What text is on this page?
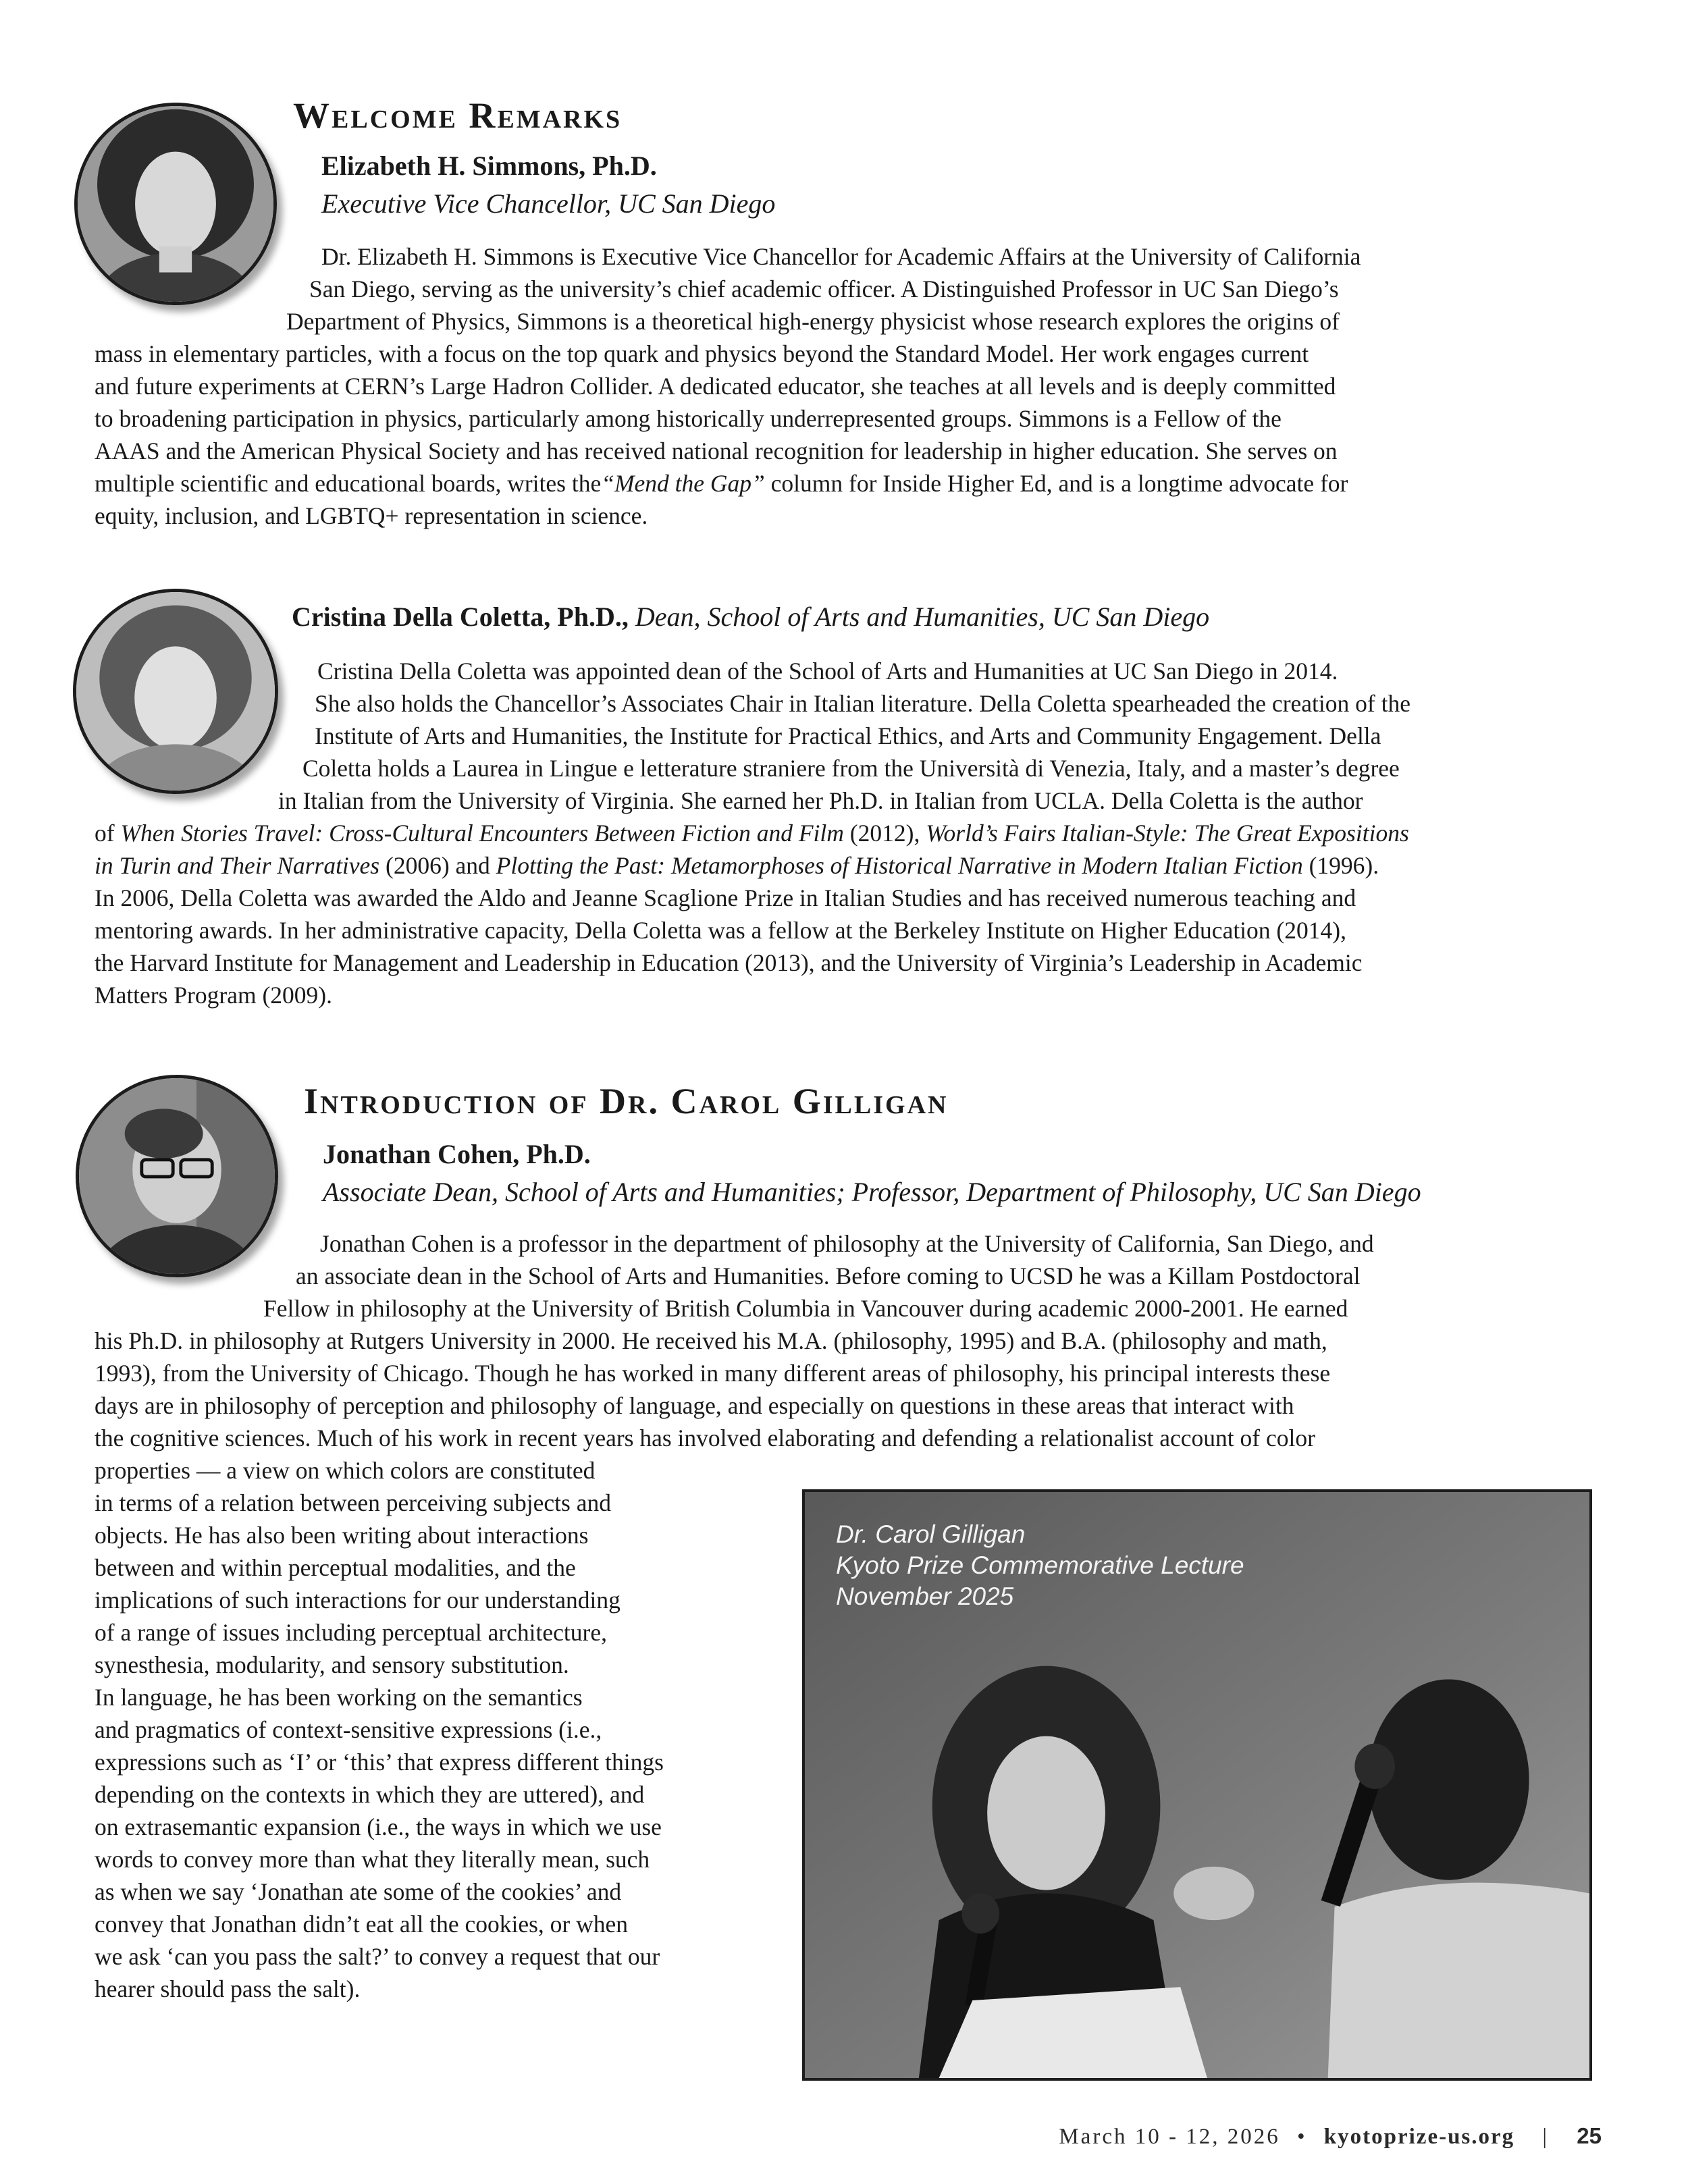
Welcome Remarks
Elizabeth H. Simmons, Ph.D.
Executive Vice Chancellor, UC San Diego
Dr. Elizabeth H. Simmons is Executive Vice Chancellor for Academic Affairs at the University of California
San Diego, serving as the university’s chief academic officer. A Distinguished Professor in UC San Diego’s
Department of Physics, Simmons is a theoretical high-energy physicist whose research explores the origins of
mass in elementary particles, with a focus on the top quark and physics beyond the Standard Model. Her work engages current
and future experiments at CERN’s Large Hadron Collider. A dedicated educator, she teaches at all levels and is deeply committed
to broadening participation in physics, particularly among historically underrepresented groups. Simmons is a Fellow of the
AAAS and the American Physical Society and has received national recognition for leadership in higher education. She serves on
multiple scientific and educational boards, writes the“Mend the Gap” column for Inside Higher Ed, and is a longtime advocate for
equity, inclusion, and LGBTQ+ representation in science.
Cristina Della Coletta, Ph.D., Dean, School of Arts and Humanities, UC San Diego
Cristina Della Coletta was appointed dean of the School of Arts and Humanities at UC San Diego in 2014.
She also holds the Chancellor’s Associates Chair in Italian literature. Della Coletta spearheaded the creation of the
Institute of Arts and Humanities, the Institute for Practical Ethics, and Arts and Community Engagement. Della
Coletta holds a Laurea in Lingue e letterature straniere from the Università di Venezia, Italy, and a master’s degree
in Italian from the University of Virginia. She earned her Ph.D. in Italian from UCLA. Della Coletta is the author
of When Stories Travel: Cross-Cultural Encounters Between Fiction and Film (2012), World’s Fairs Italian-Style: The Great Expositions
in Turin and Their Narratives (2006) and Plotting the Past: Metamorphoses of Historical Narrative in Modern Italian Fiction (1996).
In 2006, Della Coletta was awarded the Aldo and Jeanne Scaglione Prize in Italian Studies and has received numerous teaching and
mentoring awards. In her administrative capacity, Della Coletta was a fellow at the Berkeley Institute on Higher Education (2014),
the Harvard Institute for Management and Leadership in Education (2013), and the University of Virginia’s Leadership in Academic
Matters Program (2009).
Introduction of Dr. Carol Gilligan
Jonathan Cohen, Ph.D.
Associate Dean, School of Arts and Humanities; Professor, Department of Philosophy, UC San Diego
Jonathan Cohen is a professor in the department of philosophy at the University of California, San Diego, and
an associate dean in the School of Arts and Humanities. Before coming to UCSD he was a Killam Postdoctoral
Fellow in philosophy at the University of British Columbia in Vancouver during academic 2000-2001. He earned
his Ph.D. in philosophy at Rutgers University in 2000. He received his M.A. (philosophy, 1995) and B.A. (philosophy and math,
1993), from the University of Chicago. Though he has worked in many different areas of philosophy, his principal interests these
days are in philosophy of perception and philosophy of language, and especially on questions in these areas that interact with
the cognitive sciences. Much of his work in recent years has involved elaborating and defending a relationalist account of color
properties — a view on which colors are constituted
in terms of a relation between perceiving subjects and
objects. He has also been writing about interactions
between and within perceptual modalities, and the
implications of such interactions for our understanding
of a range of issues including perceptual architecture,
synesthesia, modularity, and sensory substitution.
In language, he has been working on the semantics
and pragmatics of context-sensitive expressions (i.e.,
expressions such as ‘I’ or ‘this’ that express different things
depending on the contexts in which they are uttered), and
on extrasemantic expansion (i.e., the ways in which we use
words to convey more than what they literally mean, such
as when we say ‘Jonathan ate some of the cookies’ and
convey that Jonathan didn’t eat all the cookies, or when
we ask ‘can you pass the salt?’ to convey a request that our
hearer should pass the salt).
Dr. Carol Gilligan
Kyoto Prize Commemorative Lecture
November 2025
March 10 - 12, 2026 • kyotoprize-us.org | 25
